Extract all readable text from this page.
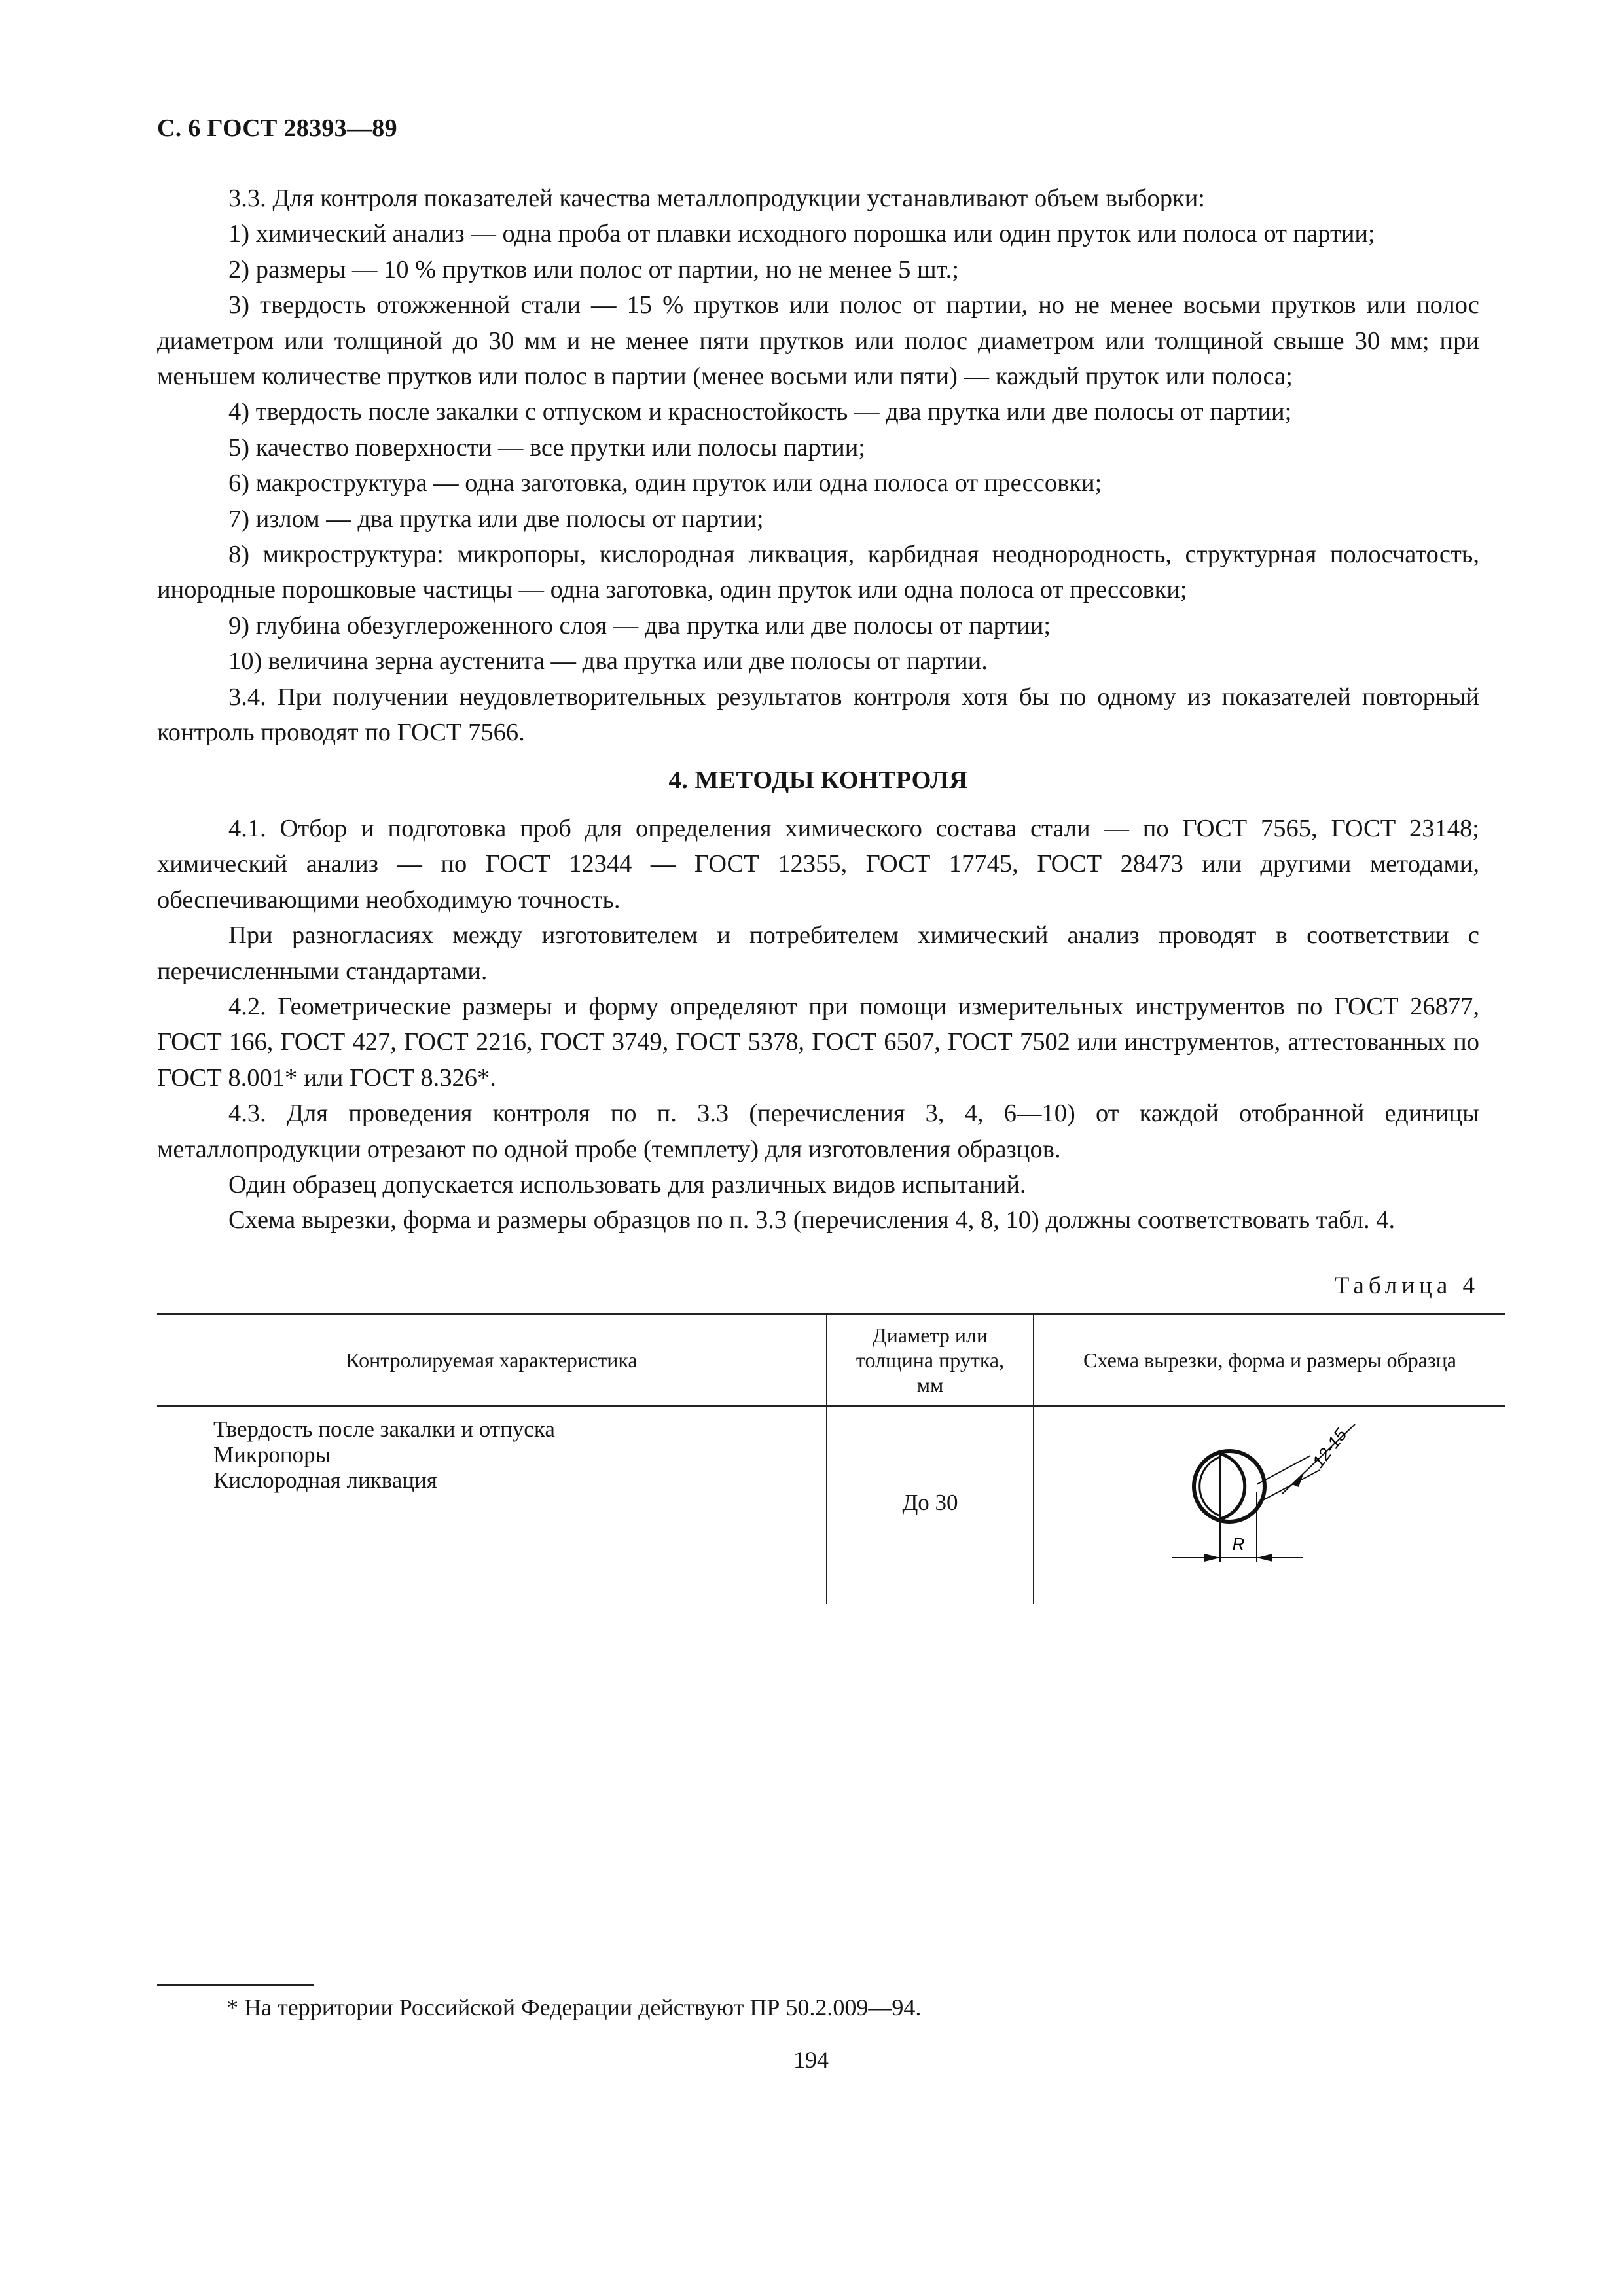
С. 6 ГОСТ 28393—89

3.3. Для контроля показателей качества металлопродукции устанавливают объем выборки:

1) химический анализ — одна проба от плавки исходного порошка или один пруток или полоса от партии;

2) размеры — 10 % прутков или полос от партии, но не менее 5 шт.;

3) твердость отожженной стали — 15 % прутков или полос от партии, но не менее восьми прутков или полос диаметром или толщиной до 30 мм и не менее пяти прутков или полос диаметром или толщиной свыше 30 мм; при меньшем количестве прутков или полос в партии (менее восьми или пяти) — каждый пруток или полоса;

4) твердость после закалки с отпуском и красностойкость — два прутка или две полосы от партии;

5) качество поверхности — все прутки или полосы партии;

6) макроструктура — одна заготовка, один пруток или одна полоса от прессовки;

7) излом — два прутка или две полосы от партии;

8) микроструктура: микропоры, кислородная ликвация, карбидная неоднородность, структурная полосчатость, инородные порошковые частицы — одна заготовка, один пруток или одна полоса от прессовки;

9) глубина обезуглероженного слоя — два прутка или две полосы от партии;

10) величина зерна аустенита — два прутка или две полосы от партии.

3.4. При получении неудовлетворительных результатов контроля хотя бы по одному из показателей повторный контроль проводят по ГОСТ 7566.

4. МЕТОДЫ КОНТРОЛЯ

4.1. Отбор и подготовка проб для определения химического состава стали — по ГОСТ 7565, ГОСТ 23148; химический анализ — по ГОСТ 12344 — ГОСТ 12355, ГОСТ 17745, ГОСТ 28473 или другими методами, обеспечивающими необходимую точность.

При разногласиях между изготовителем и потребителем химический анализ проводят в соответствии с перечисленными стандартами.

4.2. Геометрические размеры и форму определяют при помощи измерительных инструментов по ГОСТ 26877, ГОСТ 166, ГОСТ 427, ГОСТ 2216, ГОСТ 3749, ГОСТ 5378, ГОСТ 6507, ГОСТ 7502 или инструментов, аттестованных по ГОСТ 8.001* или ГОСТ 8.326*.

4.3. Для проведения контроля по п. 3.3 (перечисления 3, 4, 6—10) от каждой отобранной единицы металлопродукции отрезают по одной пробе (темплету) для изготовления образцов.

Один образец допускается использовать для различных видов испытаний.

Схема вырезки, форма и размеры образцов по п. 3.3 (перечисления 4, 8, 10) должны соответствовать табл. 4.

Таблица 4
Контролируемая характеристика	Диаметр или
толщина прутка,
мм	Схема вырезки, форма и размеры образца

Твердость после закалки и отпуска
Микропоры
Кислородная ликвация	До 30	R
12-15
* На территории Российской Федерации действуют ПР 50.2.009—94.
194
